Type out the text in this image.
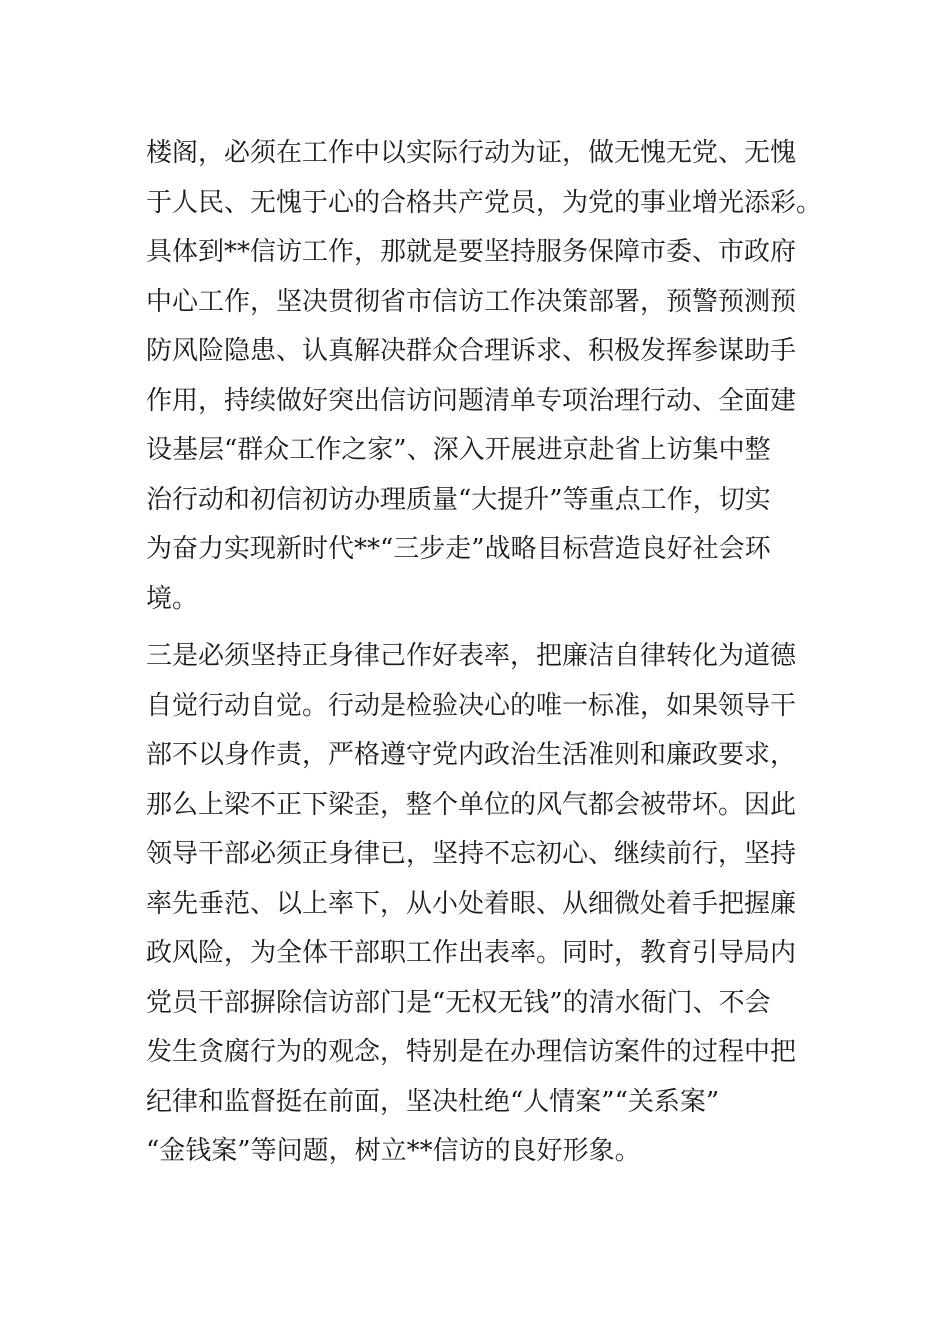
楼阁，必须在工作中以实际行动为证，做无愧无党、无愧
于人民、无愧于心的合格共产党员，为党的事业增光添彩。
具体到**信访工作，那就是要坚持服务保障市委、市政府
中心工作，坚决贯彻省市信访工作决策部署，预警预测预
防风险隐患、认真解决群众合理诉求、积极发挥参谋助手
作用，持续做好突出信访问题清单专项治理行动、全面建
设基层“群众工作之家”、深入开展进京赴省上访集中整
治行动和初信初访办理质量“大提升”等重点工作，切实
为奋力实现新时代**“三步走”战略目标营造良好社会环
境。
三是必须坚持正身律己作好表率，把廉洁自律转化为道德
自觉行动自觉。行动是检验决心的唯一标准，如果领导干
部不以身作责，严格遵守党内政治生活准则和廉政要求，
那么上梁不正下梁歪，整个单位的风气都会被带坏。因此
领导干部必须正身律已，坚持不忘初心、继续前行，坚持
率先垂范、以上率下，从小处着眼、从细微处着手把握廉
政风险，为全体干部职工作出表率。同时，教育引导局内
党员干部摒除信访部门是“无权无钱”的清水衙门、不会
发生贪腐行为的观念，特别是在办理信访案件的过程中把
纪律和监督挺在前面，坚决杜绝“人情案”“关系案”
“金钱案”等问题，树立**信访的良好形象。
